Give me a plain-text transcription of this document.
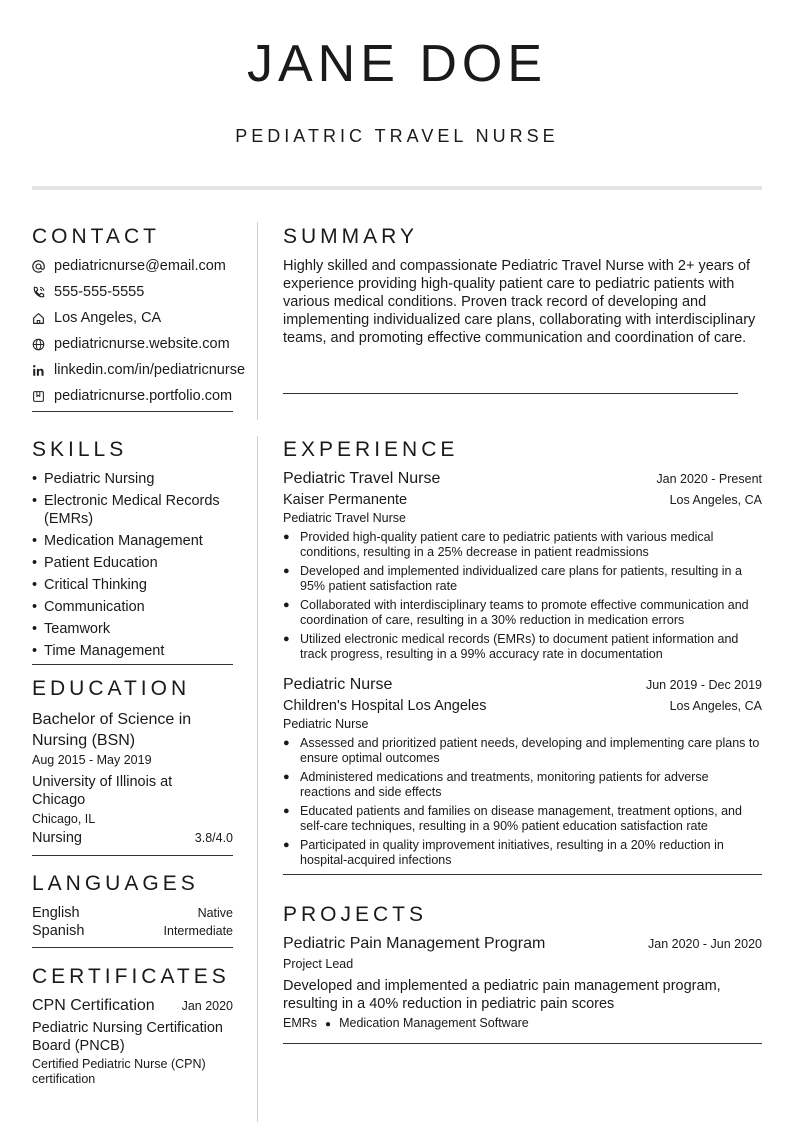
JANE DOE
PEDIATRIC TRAVEL NURSE
CONTACT
pediatricnurse@email.com
555-555-5555
Los Angeles, CA
pediatricnurse.website.com
linkedin.com/in/pediatricnurse
pediatricnurse.portfolio.com
SUMMARY

Highly skilled and compassionate Pediatric Travel Nurse with 2+ years of experience providing high-quality patient care to pediatric patients with various medical conditions. Proven track record of developing and implementing individualized care plans, collaborating with interdisciplinary teams, and promoting effective communication and coordination of care.

SKILLS
• Pediatric Nursing
• Electronic Medical Records (EMRs)
• Medication Management
• Patient Education
• Critical Thinking
• Communication
• Teamwork
• Time Management
EDUCATION
Bachelor of Science in Nursing (BSN)
Aug 2015 - May 2019
University of Illinois at Chicago
Chicago, IL
Nursing	3.8/4.0
LANGUAGES
English	Native
Spanish	Intermediate
CERTIFICATES
CPN Certification Jan 2020
Pediatric Nursing Certification Board (PNCB)
Certified Pediatric Nurse (CPN) certification
EXPERIENCE
Pediatric Travel Nurse	Jan 2020 - Present
Kaiser Permanente	Los Angeles, CA
Pediatric Travel Nurse
● Provided high-quality patient care to pediatric patients with various medical conditions, resulting in a 25% decrease in patient readmissions
● Developed and implemented individualized care plans for patients, resulting in a 95% patient satisfaction rate
● Collaborated with interdisciplinary teams to promote effective communication and coordination of care, resulting in a 30% reduction in medication errors
● Utilized electronic medical records (EMRs) to document patient information and track progress, resulting in a 99% accuracy rate in documentation
Pediatric Nurse	Jun 2019 - Dec 2019
Children's Hospital Los Angeles	Los Angeles, CA
Pediatric Nurse
● Assessed and prioritized patient needs, developing and implementing care plans to ensure optimal outcomes
● Administered medications and treatments, monitoring patients for adverse reactions and side effects
● Educated patients and families on disease management, treatment options, and self-care techniques, resulting in a 90% patient education satisfaction rate
● Participated in quality improvement initiatives, resulting in a 20% reduction in hospital-acquired infections
PROJECTS
Pediatric Pain Management Program	Jan 2020 - Jun 2020
Project Lead
Developed and implemented a pediatric pain management program, resulting in a 40% reduction in pediatric pain scores
EMRs ● Medication Management Software
